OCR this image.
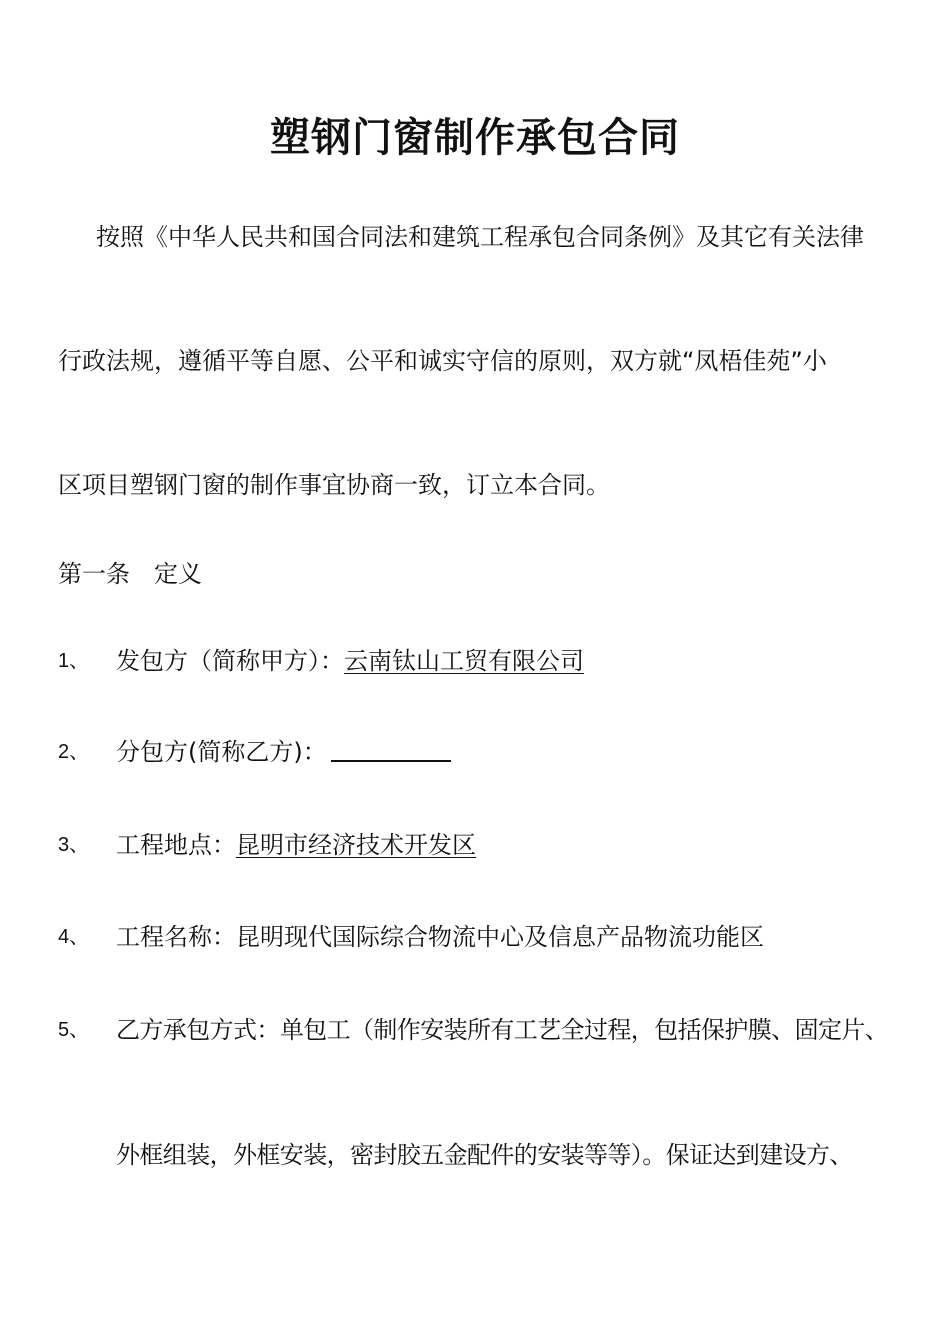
塑钢门窗制作承包合同
按照《中华人民共和国合同法和建筑工程承包合同条例》及其它有关法律
行政法规，遵循平等自愿、公平和诚实守信的原则，双方就“凤梧佳苑”小
区项目塑钢门窗的制作事宜协商一致，订立本合同。
第一条　定义
1、 发包方（简称甲方）：云南钛山工贸有限公司
2、 分包方(简称乙方)：
3、 工程地点：昆明市经济技术开发区
4、 工程名称：昆明现代国际综合物流中心及信息产品物流功能区
5、 乙方承包方式：单包工（制作安装所有工艺全过程，包括保护膜、固定片、
外框组装，外框安装，密封胶五金配件的安装等等）。保证达到建设方、
